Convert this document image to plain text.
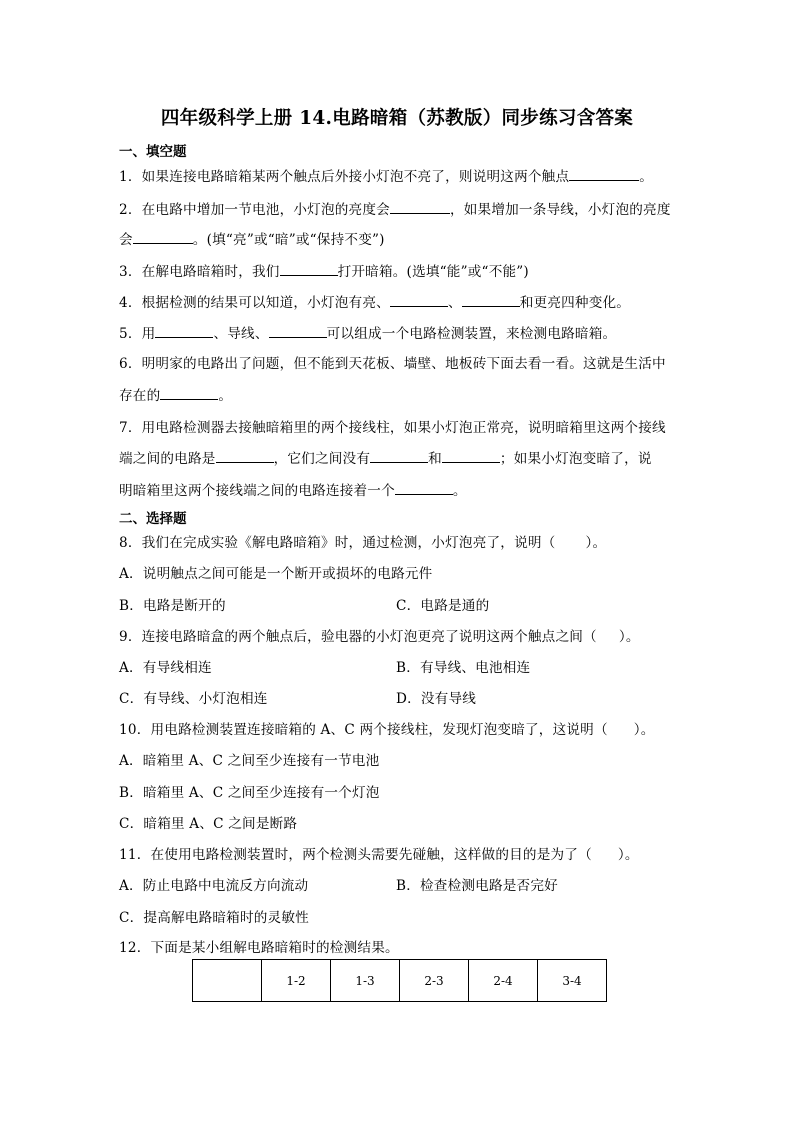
四年级科学上册 14.电路暗箱（苏教版）同步练习含答案
一、填空题
1．如果连接电路暗箱某两个触点后外接小灯泡不亮了，则说明这两个触点	。
2．在电路中增加一节电池，小灯泡的亮度会	，如果增加一条导线，小灯泡的亮度
会	。(填“亮”或“暗”或“保持不变”)
3．在解电路暗箱时，我们	打开暗箱。(选填“能”或“不能”)
4．根据检测的结果可以知道，小灯泡有亮、	、	和更亮四种变化。
5．用	、导线、	可以组成一个电路检测装置，来检测电路暗箱。
6．明明家的电路出了问题，但不能到天花板、墙壁、地板砖下面去看一看。这就是生活中
存在的	。
7．用电路检测器去接触暗箱里的两个接线柱，如果小灯泡正常亮，说明暗箱里这两个接线
端之间的电路是	，它们之间没有	和	；如果小灯泡变暗了，说
明暗箱里这两个接线端之间的电路连接着一个	。
二、选择题
8．我们在完成实验《解电路暗箱》时，通过检测，小灯泡亮了，说明（ ）。
A．说明触点之间可能是一个断开或损坏的电路元件
B．电路是断开的	C．电路是通的
9．连接电路暗盒的两个触点后，验电器的小灯泡更亮了说明这两个触点之间（ ）。
A．有导线相连	B．有导线、电池相连
C．有导线、小灯泡相连	D．没有导线
10．用电路检测装置连接暗箱的 A、C 两个接线柱，发现灯泡变暗了，这说明（ ）。
A．暗箱里 A、C 之间至少连接有一节电池
B．暗箱里 A、C 之间至少连接有一个灯泡
C．暗箱里 A、C 之间是断路
11．在使用电路检测装置时，两个检测头需要先碰触，这样做的目的是为了（ ）。
A．防止电路中电流反方向流动	B．检查检测电路是否完好
C．提高解电路暗箱时的灵敏性
12．下面是某小组解电路暗箱时的检测结果。
	1-2	1-3	2-3	2-4	3-4
